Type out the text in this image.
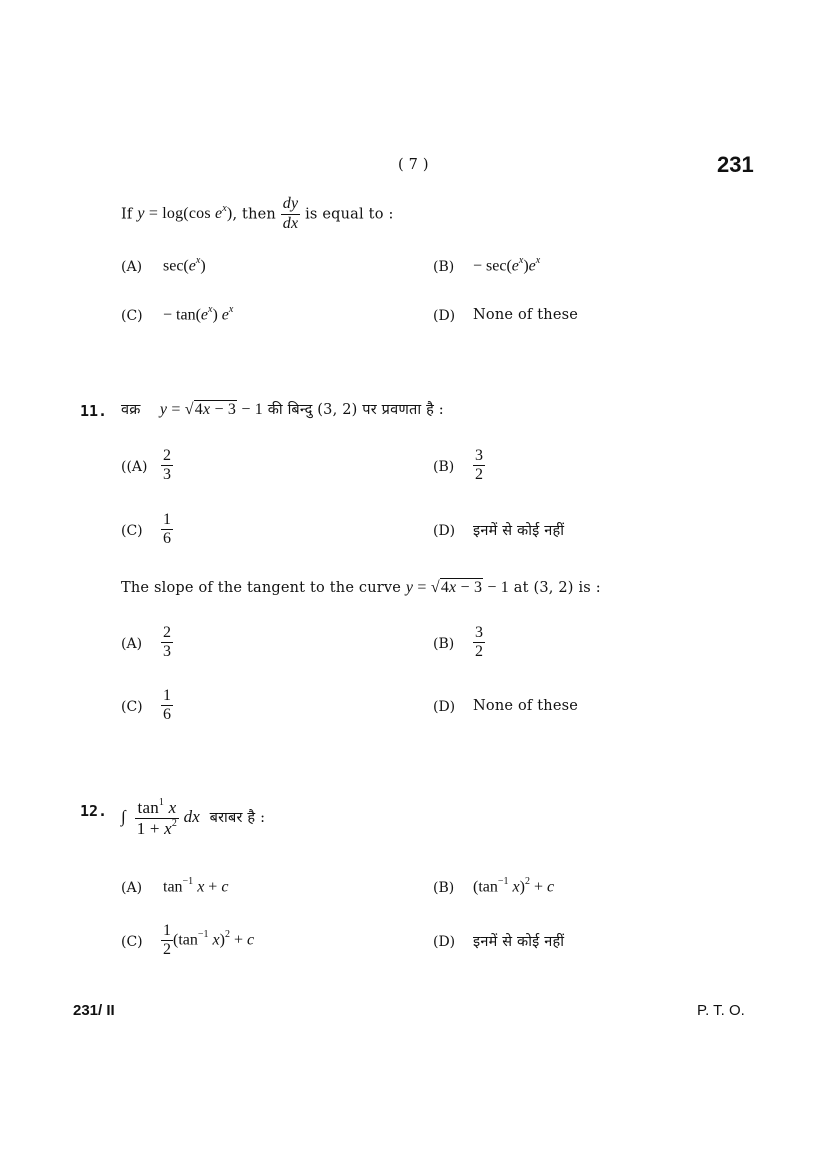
( 7 )	231
If y = log(cos $e^x$), then $\frac{dy}{dx}$ is equal to :
(A) $\sec(e^x)$	$(B) - \sec(e^x)e^x$
$(C) - \tan(e^x)$ $e^x$	(D) None of these
11. वक्र y = √4x − 3 − 1 की बिन्दु (3, 2) पर प्रवणता है :
($(A) \frac{2}{3}$	$(B) \frac{3}{2}$
$(C) \frac{1}{6}$	(D) इनमें से कोई नहीं
The slope of the tangent to the curve y = √4x − 3 − 1 at (3, 2) is :
$(A) \frac{2}{3}$	$(B) \frac{3}{2}$
$(C) \frac{1}{6}$	(D) None of these
12. ∫ $\frac{\tan^1 x}{1 + x^2}$ dx बराबर है :
(A) $\tan^{-1} x + c$	(B) ($\tan^{-1}$ x)$^2$ + c
$(C) \frac{1}{2} (\tan^{-1}$ x)$^2$ + c	(D) इनमें से कोई नहीं
231/ II	P. T. O.
